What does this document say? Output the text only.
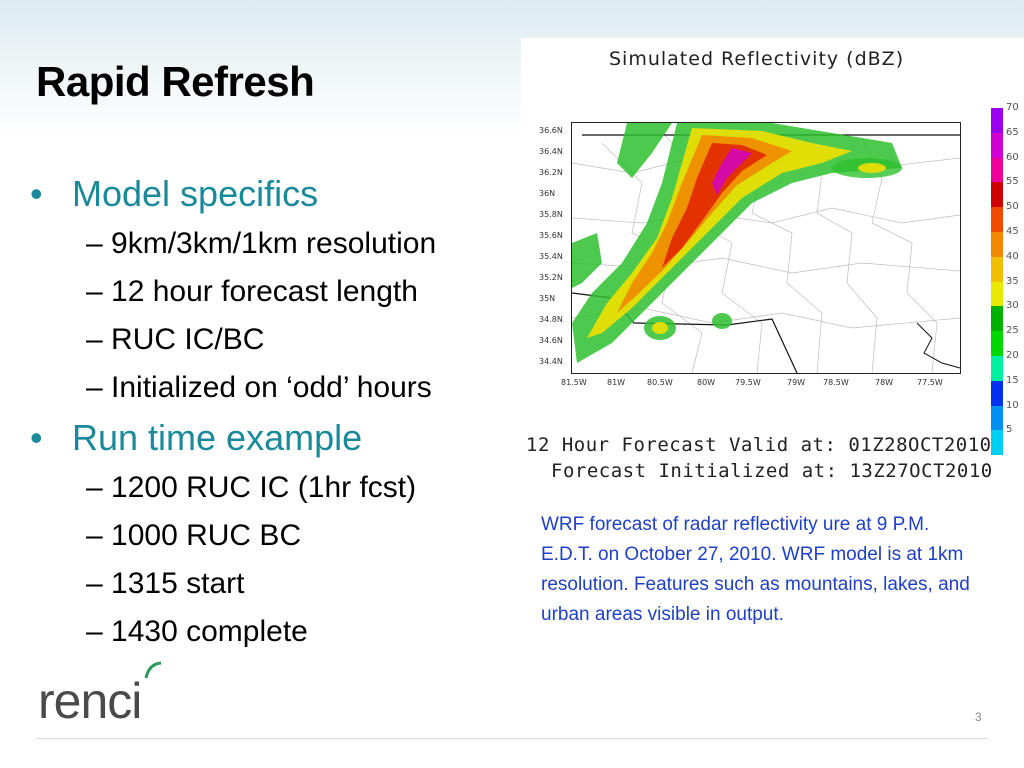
Rapid Refresh
• Model specifics
– 9km/3km/1km resolution
– 12 hour forecast length
– RUC IC/BC
– Initialized on ‘odd’ hours
• Run time example
– 1200 RUC IC (1hr fcst)
– 1000 RUC BC
– 1315 start
– 1430 complete
Simulated Reflectivity (dBZ)
36.6N
36.4N
36.2N
36N
35.8N
35.6N
35.4N
35.2N
35N
34.8N
34.6N
34.4N
81.5W	81W	80.5W	80W 79.5W	79W 78.5W	78W	77.5W
70
65
60
55
50
45
40
35
30
25
20
15
10
5
12 Hour Forecast Valid at: 01Z28OCT2010
Forecast Initialized at: 13Z27OCT2010
WRF forecast of radar reflectivity ure at 9 P.M. E.D.T. on October 27, 2010. WRF model is at 1km resolution. Features such as mountains, lakes, and urban areas visible in output.
renci	3
